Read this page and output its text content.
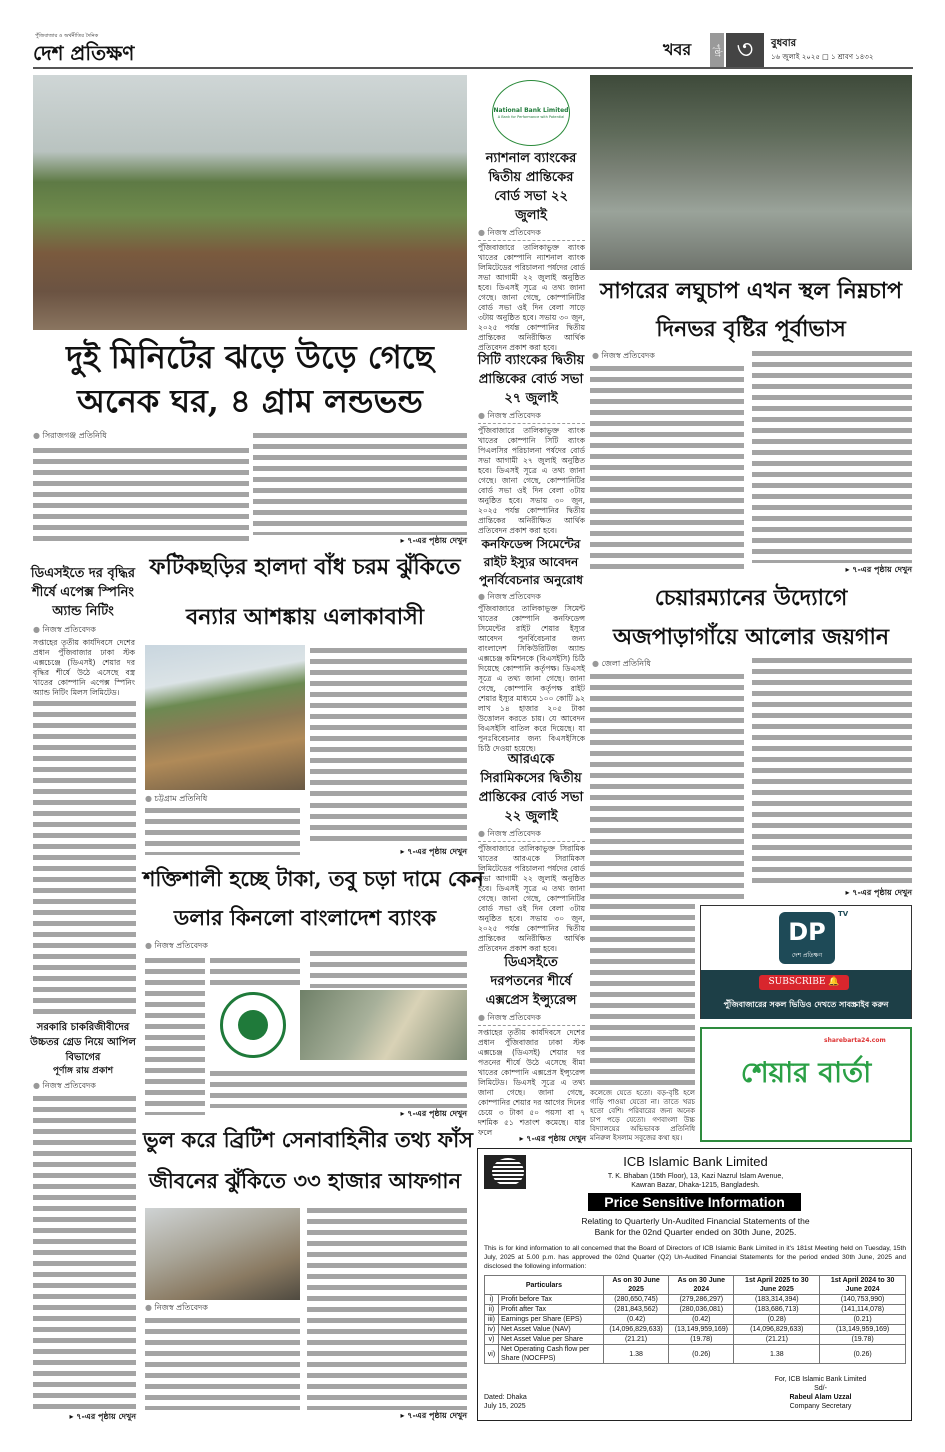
পুঁজিবাজার ও অর্থনীতির দৈনিক
দেশ প্রতিক্ষণ	খবর	পৃষ্ঠা ৩	বুধবার
১৬ জুলাই ২০২৫ □ ১ শ্রাবণ ১৪৩২
দুই মিনিটের ঝড়ে উড়ে গেছে
অনেক ঘর, ৪ গ্রাম লন্ডভন্ড
● সিরাজগঞ্জ প্রতিনিধি
▸ ৭-এর পৃষ্ঠায় দেখুন
ডিএসইতে দর বৃদ্ধির শীর্ষে এপেক্স স্পিনিং অ্যান্ড নিটিং
● নিজস্ব প্রতিবেদক
সপ্তাহের তৃতীয় কার্যদিবসে দেশের প্রধান পুঁজিবাজার ঢাকা স্টক এক্সচেঞ্জে (ডিএসই) শেয়ার দর বৃদ্ধির শীর্ষে উঠে এসেছে বস্ত্র খাতের কোম্পানি এপেক্স স্পিনিং অ্যান্ড নিটিং মিলস লিমিটেড।
সরকারি চাকরিজীবীদের উচ্চতর গ্রেড নিয়ে আপিল বিভাগের
পূর্ণাঙ্গ রায় প্রকাশ
● নিজস্ব প্রতিবেদক
▸ ৭-এর পৃষ্ঠায় দেখুন
ফটিকছড়ির হালদা বাঁধ চরম ঝুঁকিতে
বন্যার আশঙ্কায় এলাকাবাসী
● চট্টগ্রাম প্রতিনিধি
▸ ৭-এর পৃষ্ঠায় দেখুন
শক্তিশালী হচ্ছে টাকা, তবু চড়া দামে কেন
ডলার কিনলো বাংলাদেশ ব্যাংক
● নিজস্ব প্রতিবেদক
▸ ৭-এর পৃষ্ঠায় দেখুন
ভুল করে ব্রিটিশ সেনাবাহিনীর তথ্য ফাঁস
জীবনের ঝুঁকিতে ৩৩ হাজার আফগান
● নিজস্ব প্রতিবেদক
▸ ৭-এর পৃষ্ঠায় দেখুন
National Bank Limited
A Bank for Performance with Potential
ন্যাশনাল ব্যাংকের দ্বিতীয় প্রান্তিকের বোর্ড সভা ২২ জুলাই
● নিজস্ব প্রতিবেদক
পুঁজিবাজারে তালিকাভুক্ত ব্যাংক খাতের কোম্পানি ন্যাশনাল ব্যাংক লিমিটেডের পরিচালনা পর্ষদের বোর্ড সভা আগামী ২২ জুলাই অনুষ্ঠিত হবে। ডিএসই সূত্রে এ তথ্য জানা গেছে। জানা গেছে, কোম্পানিটির বোর্ড সভা ওই দিন বেলা সাড়ে ৩টায় অনুষ্ঠিত হবে। সভায় ৩০ জুন, ২০২৫ পর্যন্ত কোম্পানির দ্বিতীয় প্রান্তিকের অনিরীক্ষিত আর্থিক প্রতিবেদন প্রকাশ করা হবে।
সিটি ব্যাংকের দ্বিতীয় প্রান্তিকের বোর্ড সভা ২৭ জুলাই
● নিজস্ব প্রতিবেদক
পুঁজিবাজারে তালিকাভুক্ত ব্যাংক খাতের কোম্পানি সিটি ব্যাংক পিএলসির পরিচালনা পর্ষদের বোর্ড সভা আগামী ২৭ জুলাই অনুষ্ঠিত হবে। ডিএসই সূত্রে এ তথ্য জানা গেছে। জানা গেছে, কোম্পানিটির বোর্ড সভা ওই দিন বেলা ৩টায় অনুষ্ঠিত হবে। সভায় ৩০ জুন, ২০২৫ পর্যন্ত কোম্পানির দ্বিতীয় প্রান্তিকের অনিরীক্ষিত আর্থিক প্রতিবেদন প্রকাশ করা হবে।
কনফিডেন্স সিমেন্টের রাইট ইস্যুর আবেদন পুনর্বিবেচনার অনুরোধ
● নিজস্ব প্রতিবেদক
পুঁজিবাজারে তালিকাভুক্ত সিমেন্ট খাতের কোম্পানি কনফিডেন্স সিমেন্টের রাইট শেয়ার ইস্যুর আবেদন পুনর্বিবেচনার জন্য বাংলাদেশ সিকিউরিটিজ অ্যান্ড এক্সচেঞ্জ কমিশনকে (বিএসইসি) চিঠি দিয়েছে কোম্পানি কর্তৃপক্ষ। ডিএসই সূত্রে এ তথ্য জানা গেছে। জানা গেছে, কোম্পানি কর্তৃপক্ষ রাইট শেয়ার ইস্যুর মাধ্যমে ১০০ কোটি ৯২ লাখ ১৪ হাজার ২০৫ টাকা উত্তোলন করতে চায়। যে আবেদন বিএসইসি বাতিল করে দিয়েছে। যা পুনঃবিবেচনার জন্য বিএসইসিকে চিঠি দেওয়া হয়েছে।
আরএকে সিরামিকসের দ্বিতীয় প্রান্তিকের বোর্ড সভা ২২ জুলাই
● নিজস্ব প্রতিবেদক
পুঁজিবাজারে তালিকাভুক্ত সিরামিক খাতের আরএকে সিরামিকস লিমিটেডের পরিচালনা পর্ষদের বোর্ড সভা আগামী ২২ জুলাই অনুষ্ঠিত হবে। ডিএসই সূত্রে এ তথ্য জানা গেছে। জানা গেছে, কোম্পানিটির বোর্ড সভা ওই দিন বেলা ৩টায় অনুষ্ঠিত হবে। সভায় ৩০ জুন, ২০২৫ পর্যন্ত কোম্পানির দ্বিতীয় প্রান্তিকের অনিরীক্ষিত আর্থিক প্রতিবেদন প্রকাশ করা হবে।
ডিএসইতে দরপতনের শীর্ষে এক্সপ্রেস ইন্স্যুরেন্স
● নিজস্ব প্রতিবেদক
সপ্তাহের তৃতীয় কার্যদিবসে দেশের প্রধান পুঁজিবাজার ঢাকা স্টক এক্সচেঞ্জ (ডিএসই) শেয়ার দর পতনের শীর্ষে উঠে এসেছে বীমা খাতের কোম্পানি এক্সপ্রেস ইন্স্যুরেন্স লিমিটেড। ডিএসই সূত্রে এ তথ্য জানা গেছে। জানা গেছে, কোম্পানির শেয়ার দর আগের দিনের চেয়ে ৩ টাকা ৫০ পয়সা বা ৭ দশমিক ৫১ শতাংশ কমেছে। যার ফলে
▸ ৭-এর পৃষ্ঠায় দেখুন
সাগরের লঘুচাপ এখন স্থল নিম্নচাপ
দিনভর বৃষ্টির পূর্বাভাস
● নিজস্ব প্রতিবেদক
▸ ৭-এর পৃষ্ঠায় দেখুন
চেয়ারম্যানের উদ্যোগে
অজপাড়াগাঁয়ে আলোর জয়গান
● জেলা প্রতিনিধি
কলেজে যেতে হতো। বড়-বৃষ্টি হলে গাড়ি পাওয়া যেতো না। তাতে খরচ হতো বেশি। পরিবারের জন্য অনেক চাপ পড়ে যেতো। গণবাংলা উচ্চ বিদ্যালয়ের অভিভাবক প্রতিনিধি মনিরুল ইসলাম সবুজের কথা হয়।
▸ ৭-এর পৃষ্ঠায় দেখুন
DP
দেশ প্রতিক্ষণ
TV
SUBSCRIBE 🔔
পুঁজিবাজারের সকল ভিডিও দেখতে সাবস্ক্রাইব করুন
sharebarta24.com
শেয়ার বার্তা
ICB Islamic Bank Limited
T. K. Bhaban (15th Floor), 13, Kazi Nazrul Islam Avenue,
Kawran Bazar, Dhaka-1215, Bangladesh.
Price Sensitive Information
Relating to Quarterly Un-Audited Financial Statements of the
Bank for the 02nd Quarter ended on 30th June, 2025.
This is for kind information to all concerned that the Board of Directors of ICB Islamic Bank Limited in it's 181st Meeting held on Tuesday, 15th July, 2025 at 5.00 p.m. has approved the 02nd Quarter (Q2) Un-Audited Financial Statements for the period ended 30th June, 2025 and disclosed the following information:
Particulars		As on 30 June 2025	As on 30 June 2024	1st April 2025 to 30 June 2025	1st April 2024 to 30 June 2024
i)	Profit before Tax	(280,650,745)	(279,286,297)	(183,314,394)	(140,753,990)
ii)	Profit after Tax	(281,843,562)	(280,036,081)	(183,686,713)	(141,114,078)
iii)	Earnings per Share (EPS)	(0.42)	(0.42)	(0.28)	(0.21)
iv)	Net Asset Value (NAV)	(14,096,829,633)	(13,149,959,169)	(14,096,829,633)	(13,149,959,169)
v)	Net Asset Value per Share	(21.21)	(19.78)	(21.21)	(19.78)
vi)	Net Operating Cash flow per Share (NOCFPS)	1.38	(0.26)	1.38	(0.26)
Dated: Dhaka
July 15, 2025
For, ICB Islamic Bank Limited
Sd/-
Rabeul Alam Uzzal
Company Secretary
